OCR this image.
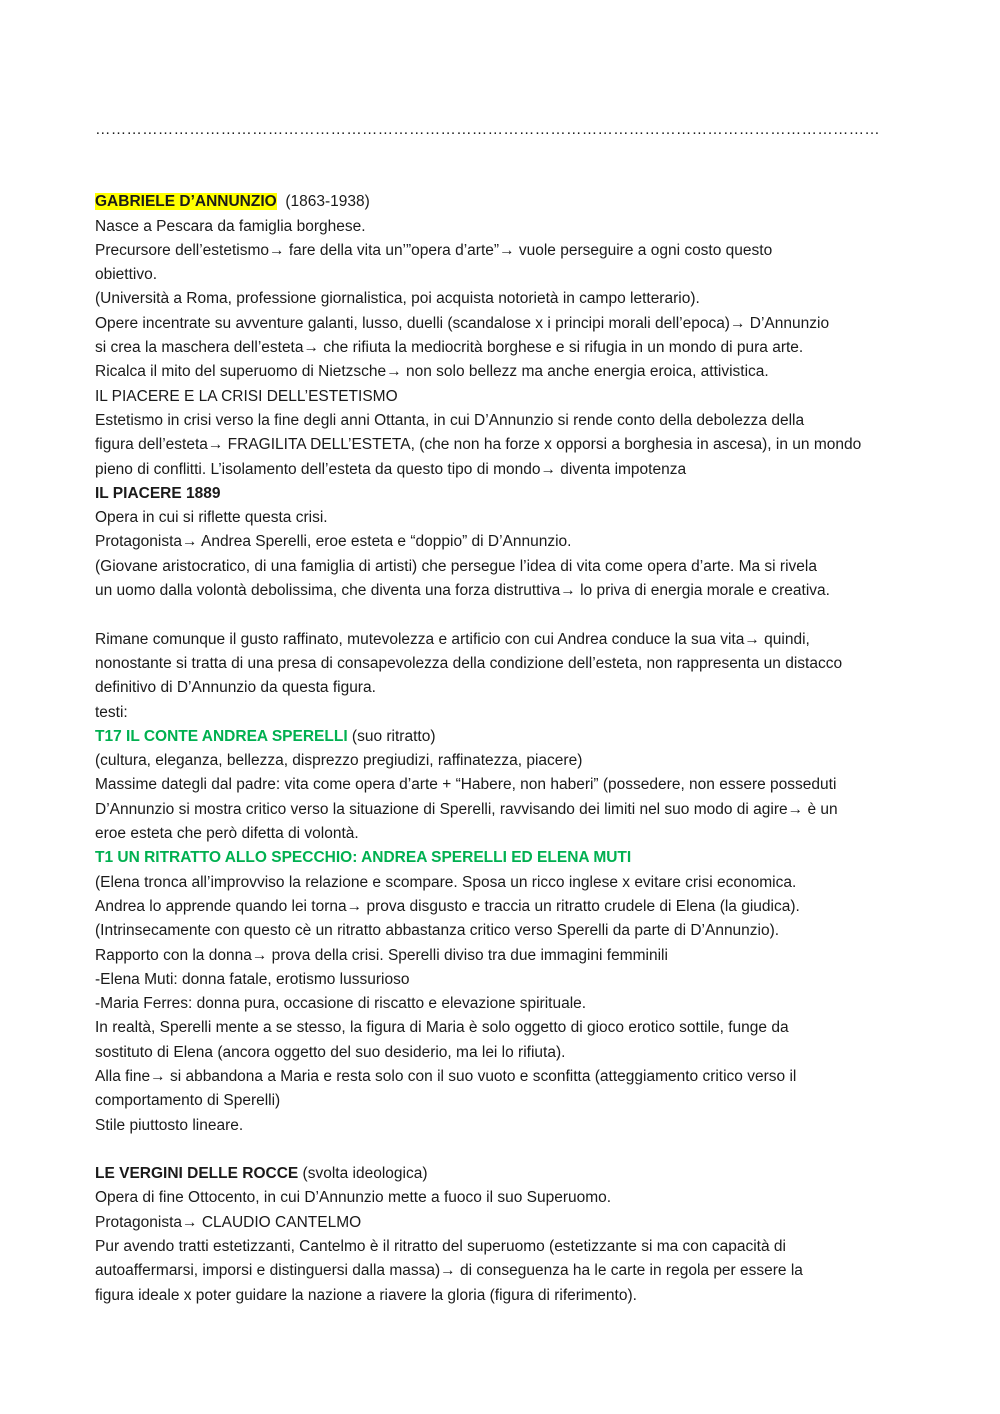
……………………………………………………………………………………………………………………………………
GABRIELE D’ANNUNZIO (1863-1938)
Nasce a Pescara da famiglia borghese.
Precursore dell’estetismo→ fare della vita un’”opera d’arte”→ vuole perseguire a ogni costo questo
obiettivo.
(Università a Roma, professione giornalistica, poi acquista notorietà in campo letterario).
Opere incentrate su avventure galanti, lusso, duelli (scandalose x i principi morali dell’epoca)→ D’Annunzio
si crea la maschera dell’esteta→ che rifiuta la mediocrità borghese e si rifugia in un mondo di pura arte.
Ricalca il mito del superuomo di Nietzsche→ non solo bellezz ma anche energia eroica, attivistica.
IL PIACERE E LA CRISI DELL’ESTETISMO
Estetismo in crisi verso la fine degli anni Ottanta, in cui D’Annunzio si rende conto della debolezza della
figura dell’esteta→ FRAGILITA DELL’ESTETA, (che non ha forze x opporsi a borghesia in ascesa), in un mondo
pieno di conflitti. L’isolamento dell’esteta da questo tipo di mondo→ diventa impotenza
IL PIACERE 1889
Opera in cui si riflette questa crisi.
Protagonista→ Andrea Sperelli, eroe esteta e “doppio” di D’Annunzio.
(Giovane aristocratico, di una famiglia di artisti) che persegue l’idea di vita come opera d’arte. Ma si rivela
un uomo dalla volontà debolissima, che diventa una forza distruttiva→ lo priva di energia morale e creativa.
Rimane comunque il gusto raffinato, mutevolezza e artificio con cui Andrea conduce la sua vita→ quindi,
nonostante si tratta di una presa di consapevolezza della condizione dell’esteta, non rappresenta un distacco
definitivo di D’Annunzio da questa figura.
testi:
T17 IL CONTE ANDREA SPERELLI (suo ritratto)
(cultura, eleganza, bellezza, disprezzo pregiudizi, raffinatezza, piacere)
Massime dategli dal padre: vita come opera d’arte + “Habere, non haberi” (possedere, non essere posseduti
D’Annunzio si mostra critico verso la situazione di Sperelli, ravvisando dei limiti nel suo modo di agire→ è un
eroe esteta che però difetta di volontà.
T1 UN RITRATTO ALLO SPECCHIO: ANDREA SPERELLI ED ELENA MUTI
(Elena tronca all’improvviso la relazione e scompare. Sposa un ricco inglese x evitare crisi economica.
Andrea lo apprende quando lei torna→ prova disgusto e traccia un ritratto crudele di Elena (la giudica).
(Intrinsecamente con questo cè un ritratto abbastanza critico verso Sperelli da parte di D’Annunzio).
Rapporto con la donna→ prova della crisi. Sperelli diviso tra due immagini femminili
-Elena Muti: donna fatale, erotismo lussurioso
-Maria Ferres: donna pura, occasione di riscatto e elevazione spirituale.
In realtà, Sperelli mente a se stesso, la figura di Maria è solo oggetto di gioco erotico sottile, funge da
sostituto di Elena (ancora oggetto del suo desiderio, ma lei lo rifiuta).
Alla fine→ si abbandona a Maria e resta solo con il suo vuoto e sconfitta (atteggiamento critico verso il
comportamento di Sperelli)
Stile piuttosto lineare.
LE VERGINI DELLE ROCCE (svolta ideologica)
Opera di fine Ottocento, in cui D’Annunzio mette a fuoco il suo Superuomo.
Protagonista→ CLAUDIO CANTELMO
Pur avendo tratti estetizzanti, Cantelmo è il ritratto del superuomo (estetizzante si ma con capacità di
autoaffermarsi, imporsi e distinguersi dalla massa)→ di conseguenza ha le carte in regola per essere la
figura ideale x poter guidare la nazione a riavere la gloria (figura di riferimento).
